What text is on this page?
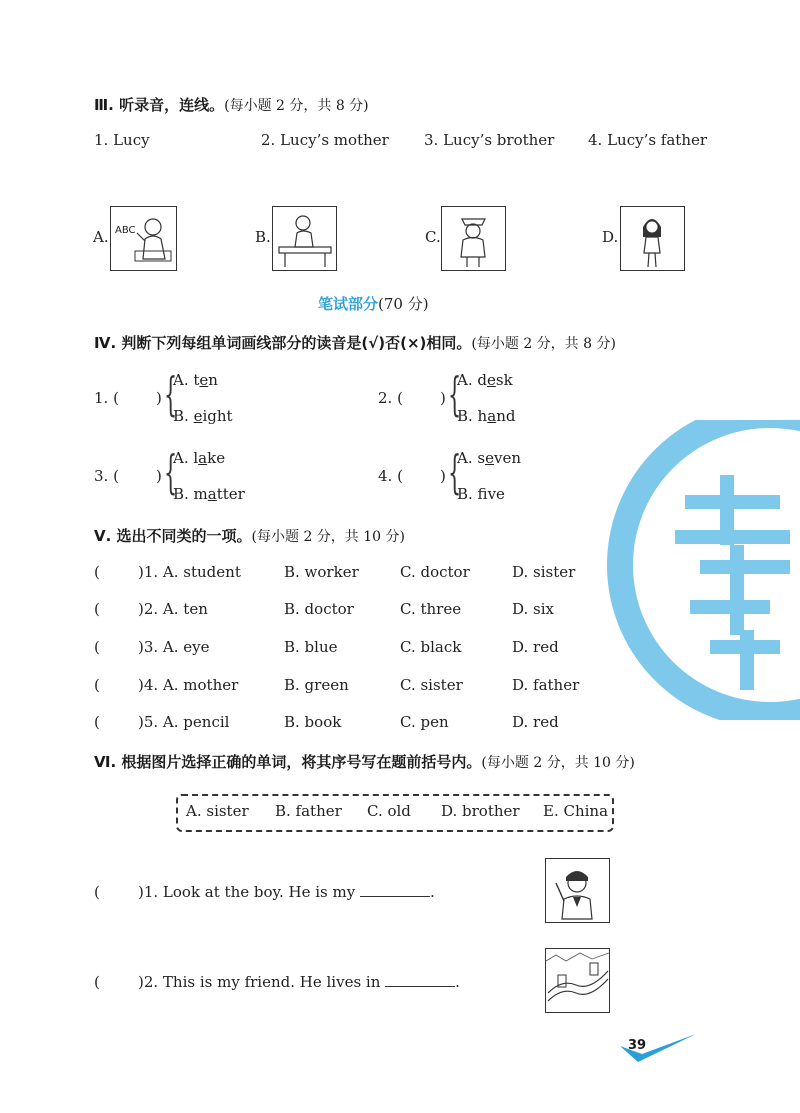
Ⅲ. 听录音，连线。(每小题 2 分，共 8 分)
1. Lucy	2. Lucy’s mother 3. Lucy’s brother 4. Lucy’s father
A. ABC	B.	C.	D.
笔试部分(70 分)
Ⅳ. 判断下列每组单词画线部分的读音是(√)否(×)相同。(每小题 2 分，共 8 分)
1. ( ) {
A. ten
B. eight
2. ( ) {
A. desk
B. hand
3. ( ) {
A. lake
B. matter
4. ( ) {
A. seven
B. fve
Ⅴ. 选出不同类的一项。(每小题 2 分，共 10 分)
(	)1. A. student	B. worker	C. doctor	D. sister
(	)2. A. ten	B. doctor	C. three	D. six
(	)3. A. eye	B. blue	C. black	D. red
(	)4. A. mother	B. green	C. sister	D. father
(	)5. A. pencil	B. book	C. pen	D. red
Ⅵ. 根据图片选择正确的单词，将其序号写在题前括号内。(每小题 2 分，共 10 分)
A. sister B. father C. old D. brother E. China
(	)1. Look at the boy. He is my	.
(	)2. This is my friend. He lives in	.
39
